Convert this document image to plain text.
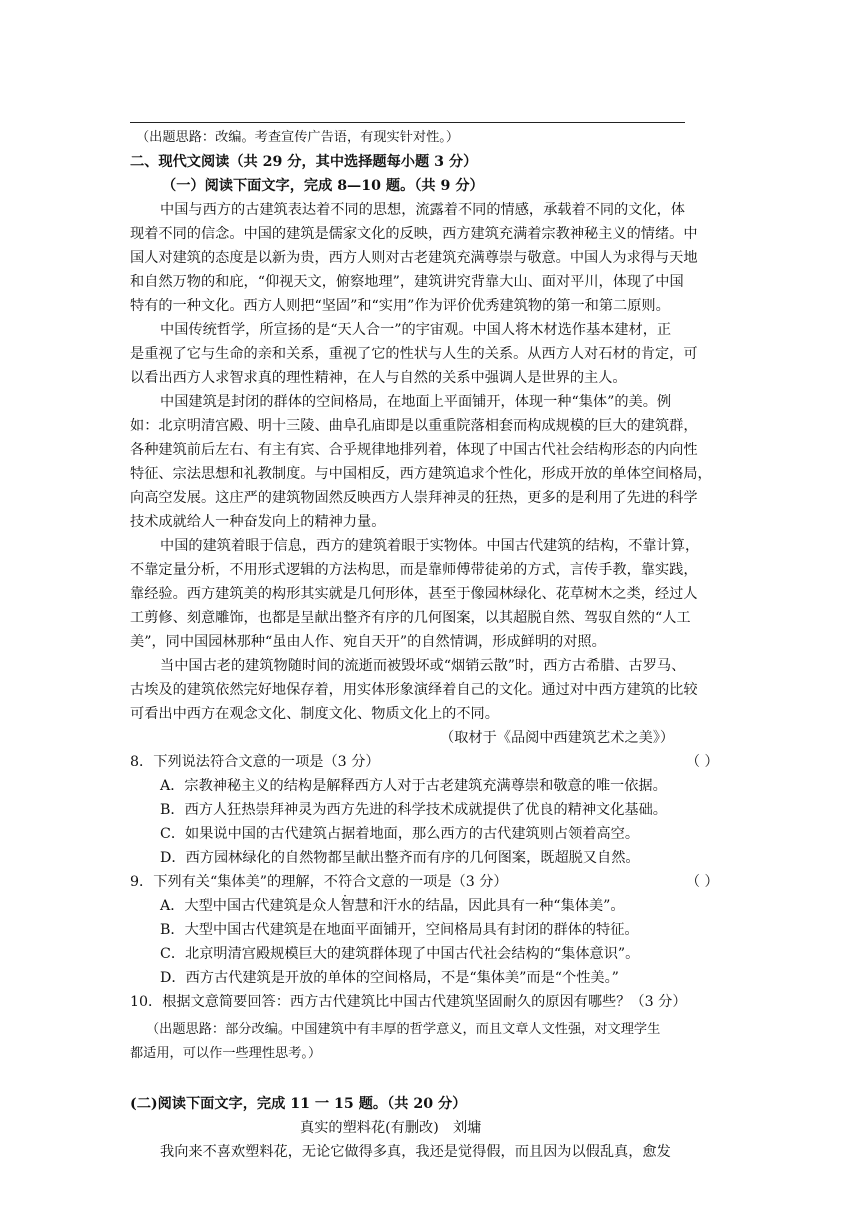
（出题思路：改编。考查宣传广告语，有现实针对性。）
二、现代文阅读（共 29 分，其中选择题每小题 3 分）
（一）阅读下面文字，完成 8—10 题。（共 9 分）
中国与西方的古建筑表达着不同的思想，流露着不同的情感，承载着不同的文化，体
现着不同的信念。中国的建筑是儒家文化的反映，西方建筑充满着宗教神秘主义的情绪。中
国人对建筑的态度是以新为贵，西方人则对古老建筑充满尊崇与敬意。中国人为求得与天地
和自然万物的和庇，“仰视天文，俯察地理”，建筑讲究背靠大山、面对平川，体现了中国
特有的一种文化。西方人则把“坚固”和“实用”作为评价优秀建筑物的第一和第二原则。
中国传统哲学，所宣扬的是“天人合一”的宇宙观。中国人将木材选作基本建材，正
是重视了它与生命的亲和关系，重视了它的性状与人生的关系。从西方人对石材的肯定，可
以看出西方人求智求真的理性精神，在人与自然的关系中强调人是世界的主人。
中国建筑是封闭的群体的空间格局，在地面上平面铺开，体现一种“集体”的美。例
如：北京明清宫殿、明十三陵、曲阜孔庙即是以重重院落相套而构成规模的巨大的建筑群，
各种建筑前后左右、有主有宾、合乎规律地排列着，体现了中国古代社会结构形态的内向性
特征、宗法思想和礼教制度。与中国相反，西方建筑追求个性化，形成开放的单体空间格局，
向高空发展。这庄严的建筑物固然反映西方人崇拜神灵的狂热，更多的是利用了先进的科学
技术成就给人一种奋发向上的精神力量。
中国的建筑着眼于信息，西方的建筑着眼于实物体。中国古代建筑的结构，不靠计算，
不靠定量分析，不用形式逻辑的方法构思，而是靠师傅带徒弟的方式，言传手教，靠实践，
靠经验。西方建筑美的构形其实就是几何形体，甚至于像园林绿化、花草树木之类，经过人
工剪修、刻意雕饰，也都是呈献出整齐有序的几何图案，以其超脱自然、驾驭自然的“人工
美”，同中国园林那种“虽由人作、宛自天开”的自然情调，形成鲜明的对照。
当中国古老的建筑物随时间的流逝而被毁坏或“烟销云散”时，西方古希腊、古罗马、
古埃及的建筑依然完好地保存着，用实体形象演绎着自己的文化。通过对中西方建筑的比较
可看出中西方在观念文化、制度文化、物质文化上的不同。
（取材于《品阅中西建筑艺术之美》）
8．下列说法符合文意的一项是（3 分）	（ ）
A．宗教神秘主义的结构是解释西方人对于古老建筑充满尊崇和敬意的唯一依据。
B．西方人狂热崇拜神灵为西方先进的科学技术成就提供了优良的精神文化基础。
C．如果说中国的古代建筑占据着地面，那么西方的古代建筑则占领着高空。
D．西方园林绿化的自然物都呈献出整齐而有序的几何图案，既超脱又自然。
9．下列有关“集体美”的理解，不符合文意的一项是（3 分）	（ ）
A．大型中国古代建筑是众人智慧和汗水的结晶，因此具有一种“集体美”。
B．大型中国古代建筑是在地面平面铺开，空间格局具有封闭的群体的特征。
C．北京明清宫殿规模巨大的建筑群体现了中国古代社会结构的“集体意识”。
D．西方古代建筑是开放的单体的空间格局，不是“集体美”而是“个性美。”
10．根据文意简要回答：西方古代建筑比中国古代建筑坚固耐久的原因有哪些？（3 分）
（出题思路：部分改编。中国建筑中有丰厚的哲学意义，而且文章人文性强，对文理学生
都适用，可以作一些理性思考。）
(二)阅读下面文字，完成 11 一 15 题。（共 20 分）
真实的塑料花(有删改)　刘墉
我向来不喜欢塑料花，无论它做得多真，我还是觉得假，而且因为以假乱真，愈发
